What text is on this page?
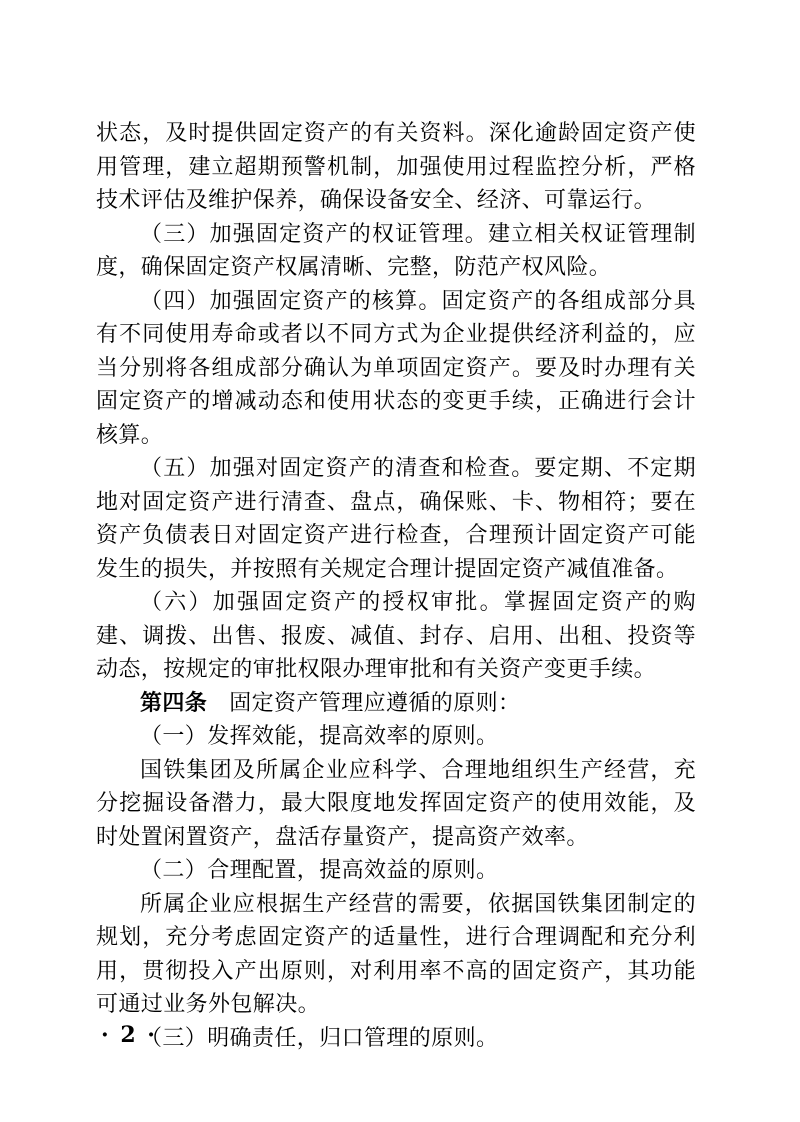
状态，及时提供固定资产的有关资料。深化逾龄固定资产使用管理，建立超期预警机制，加强使用过程监控分析，严格技术评估及维护保养，确保设备安全、经济、可靠运行。

（三）加强固定资产的权证管理。建立相关权证管理制度，确保固定资产权属清晰、完整，防范产权风险。

（四）加强固定资产的核算。固定资产的各组成部分具有不同使用寿命或者以不同方式为企业提供经济利益的，应当分别将各组成部分确认为单项固定资产。要及时办理有关固定资产的增减动态和使用状态的变更手续，正确进行会计核算。

（五）加强对固定资产的清查和检查。要定期、不定期地对固定资产进行清查、盘点，确保账、卡、物相符；要在资产负债表日对固定资产进行检查，合理预计固定资产可能发生的损失，并按照有关规定合理计提固定资产减值准备。

（六）加强固定资产的授权审批。掌握固定资产的购建、调拨、出售、报废、减值、封存、启用、出租、投资等动态，按规定的审批权限办理审批和有关资产变更手续。

第四条 固定资产管理应遵循的原则：

（一）发挥效能，提高效率的原则。

国铁集团及所属企业应科学、合理地组织生产经营，充分挖掘设备潜力，最大限度地发挥固定资产的使用效能，及时处置闲置资产，盘活存量资产，提高资产效率。

（二）合理配置，提高效益的原则。

所属企业应根据生产经营的需要，依据国铁集团制定的规划，充分考虑固定资产的适量性，进行合理调配和充分利用，贯彻投入产出原则，对利用率不高的固定资产，其功能可通过业务外包解决。

（三）明确责任，归口管理的原则。

· 2 ·
